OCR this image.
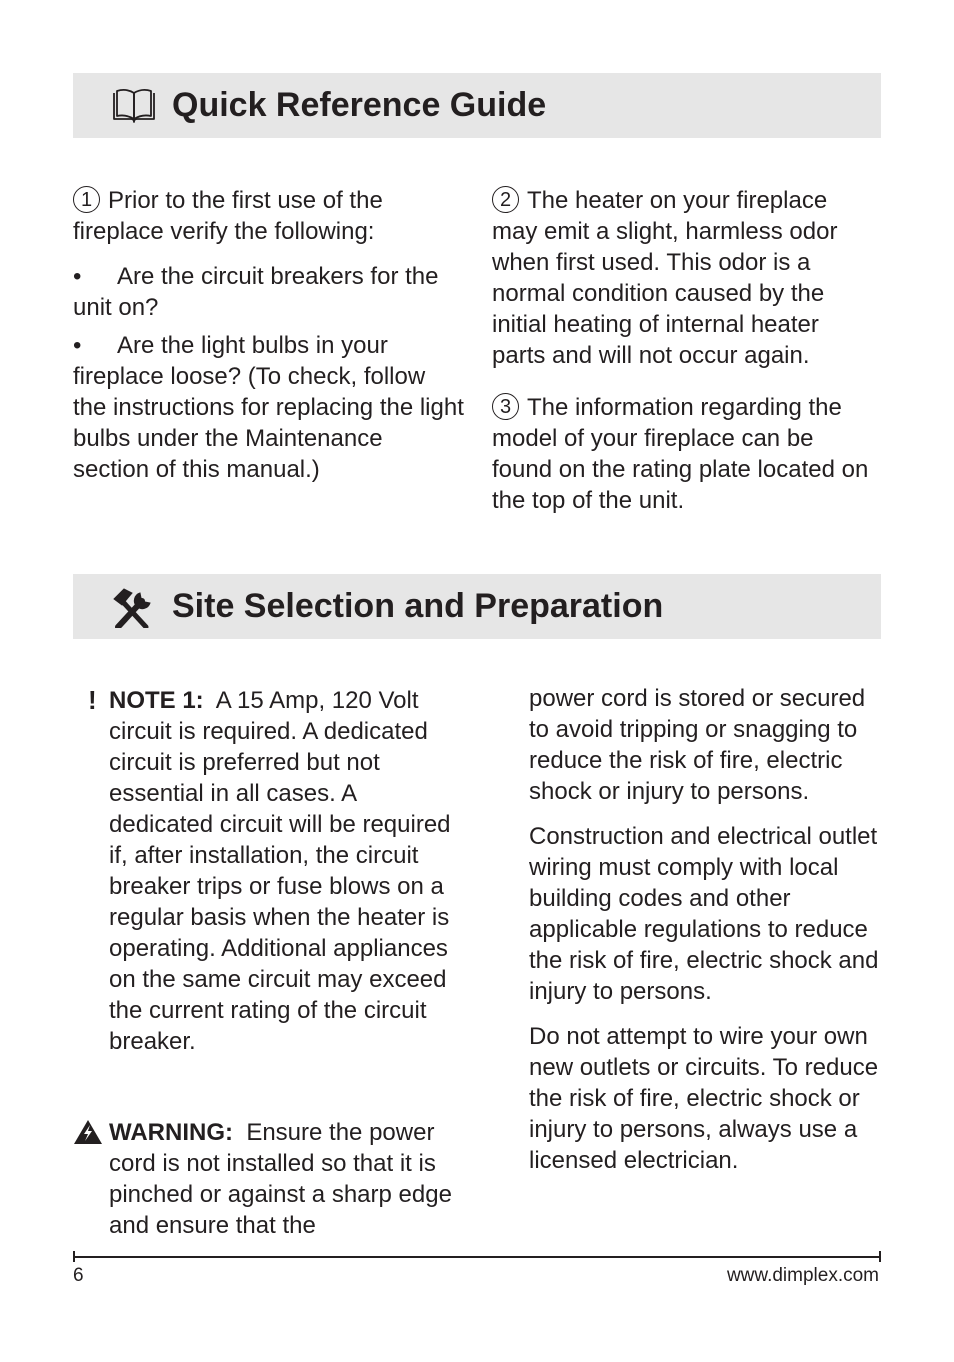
Quick Reference Guide

1 Prior to the first use of the fireplace verify the following:

• Are the circuit breakers for the unit on?

• Are the light bulbs in your fireplace loose? (To check, follow the instructions for replacing the light bulbs under the Maintenance section of this manual.)

2 The heater on your fireplace may emit a slight, harmless odor when first used. This odor is a normal condition caused by the initial heating of internal heater parts and will not occur again.

3 The information regarding the model of your fireplace can be found on the rating plate located on the top of the unit.

Site Selection and Preparation
! NOTE 1: A 15 Amp, 120 Volt circuit is required. A dedicated circuit is preferred but not essential in all cases. A dedicated circuit will be required if, after installation, the circuit breaker trips or fuse blows on a regular basis when the heater is operating. Additional appliances on the same circuit may exceed the current rating of the circuit breaker.
WARNING: Ensure the power cord is not installed so that it is pinched or against a sharp edge and ensure that the

power cord is stored or secured to avoid tripping or snagging to reduce the risk of fire, electric shock or injury to persons.

Construction and electrical outlet wiring must comply with local building codes and other applicable regulations to reduce the risk of fire, electric shock and injury to persons.

Do not attempt to wire your own new outlets or circuits. To reduce the risk of fire, electric shock or injury to persons, always use a licensed electrician.

6	www.dimplex.com
